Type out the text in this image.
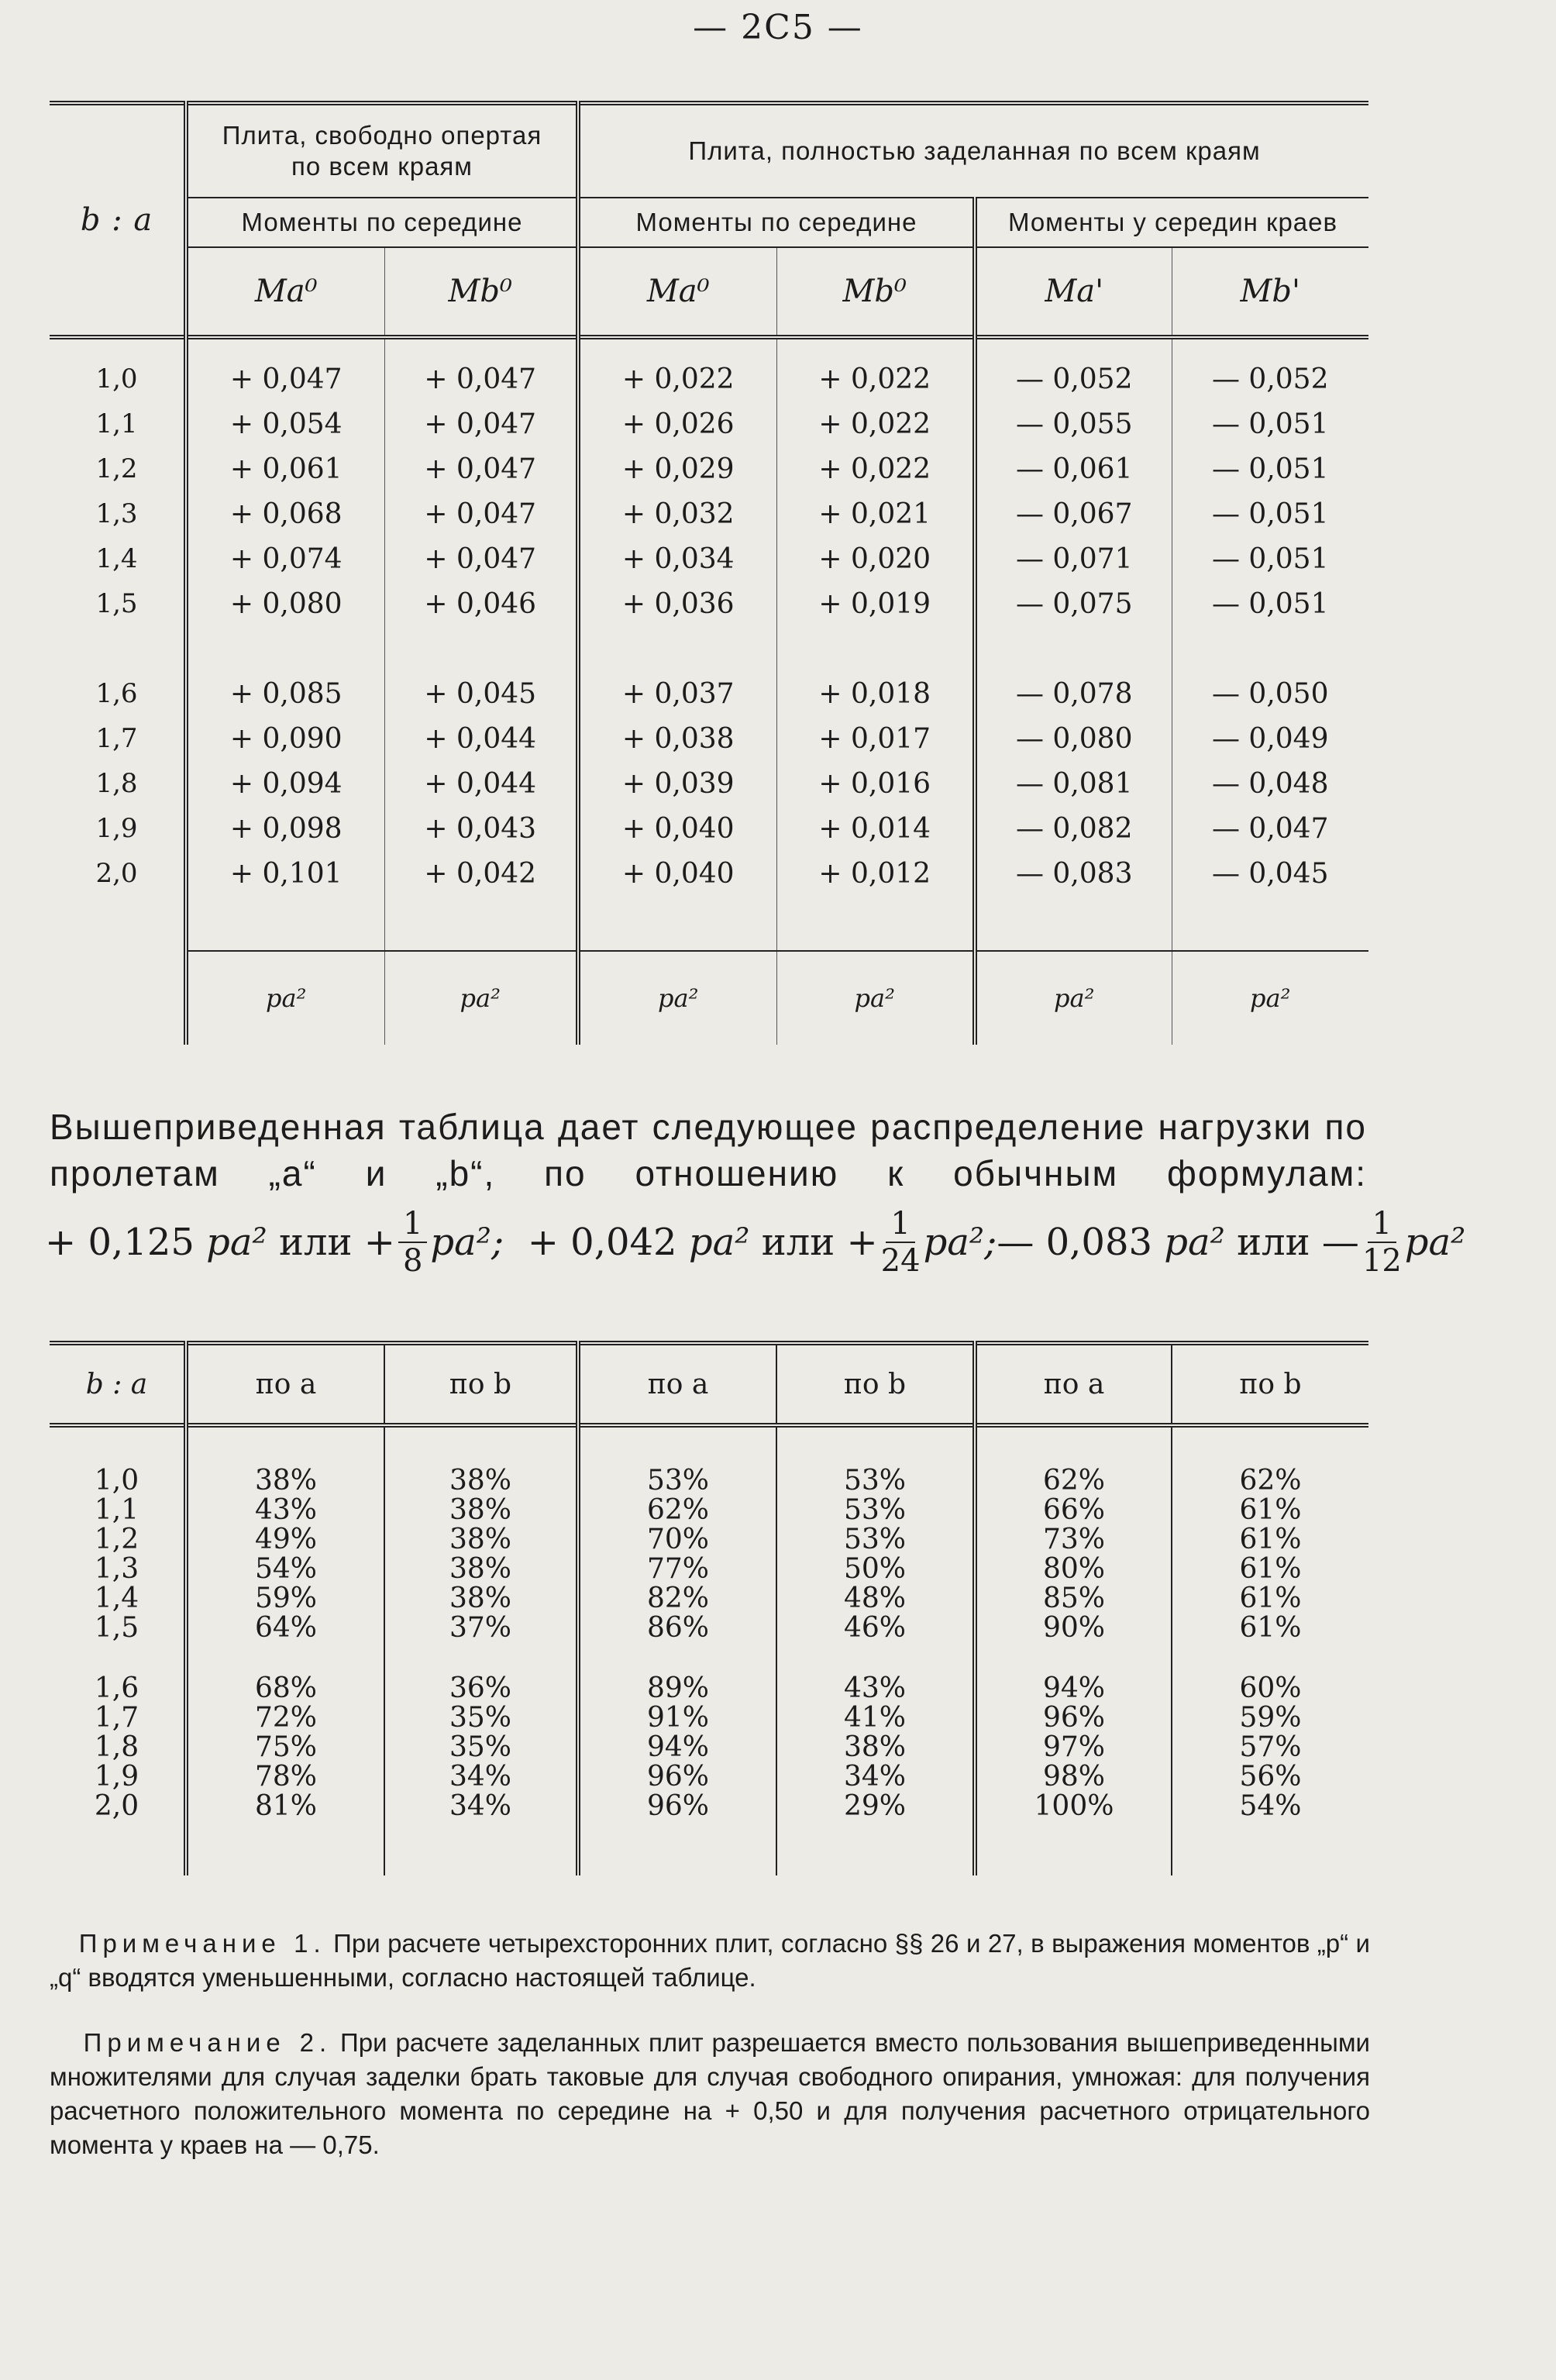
— 2С5 —
b : a	Плита, свободно опертая по всем краям		Плита, полностью заделанная по всем краям			
	Моменты по середине		Моменты по середине		Моменты у середин краев	
	Ma⁰	Mb⁰	Ma⁰	Mb⁰	Ma'	Mb'

1,0	+ 0,047	+ 0,047	+ 0,022	+ 0,022	— 0,052	— 0,052
1,1	+ 0,054	+ 0,047	+ 0,026	+ 0,022	— 0,055	— 0,051
1,2	+ 0,061	+ 0,047	+ 0,029	+ 0,022	— 0,061	— 0,051
1,3	+ 0,068	+ 0,047	+ 0,032	+ 0,021	— 0,067	— 0,051
1,4	+ 0,074	+ 0,047	+ 0,034	+ 0,020	— 0,071	— 0,051
1,5	+ 0,080	+ 0,046	+ 0,036	+ 0,019	— 0,075	— 0,051

1,6	+ 0,085	+ 0,045	+ 0,037	+ 0,018	— 0,078	— 0,050
1,7	+ 0,090	+ 0,044	+ 0,038	+ 0,017	— 0,080	— 0,049
1,8	+ 0,094	+ 0,044	+ 0,039	+ 0,016	— 0,081	— 0,048
1,9	+ 0,098	+ 0,043	+ 0,040	+ 0,014	— 0,082	— 0,047
2,0	+ 0,101	+ 0,042	+ 0,040	+ 0,012	— 0,083	— 0,045

	pa²	pa²	pa²	pa²	pa²	pa²
Вышеприведенная таблица дает следующее распределение нагрузки по пролетам „a“ и „b“, по отношению к обычным формулам:
+ 0,125
pa²
или + $\frac{1}{8} pa^2$;
+ 0,042
pa²
или + $\frac{1}{24} pa^2$; — 0,083
pa²
или — $\frac{1}{12} pa^2$
b : a	по a	по b	по a	по b	по a	по b

1,0	38%	38%	53%	53%	62%	62%
1,1	43%	38%	62%	53%	66%	61%
1,2	49%	38%	70%	53%	73%	61%
1,3	54%	38%	77%	50%	80%	61%
1,4	59%	38%	82%	48%	85%	61%
1,5	64%	37%	86%	46%	90%	61%

1,6	68%	36%	89%	43%	94%	60%
1,7	72%	35%	91%	41%	96%	59%
1,8	75%	35%	94%	38%	97%	57%
1,9	78%	34%	96%	34%	98%	56%
2,0	81%	34%	96%	29%	100%	54%

Примечание 1. При расчете четырехсторонних плит, согласно §§ 26 и 27, в выражения моментов „p“ и „q“ вводятся уменьшенными, согласно настоящей таблице.
Примечание 2. При расчете заделанных плит разрешается вместо пользования вышеприведенными множителями для случая заделки брать таковые для случая свободного опирания, умножая: для получения расчетного положительного момента по середине на + 0,50 и для получения расчетного отрицательного момента у краев на — 0,75.
